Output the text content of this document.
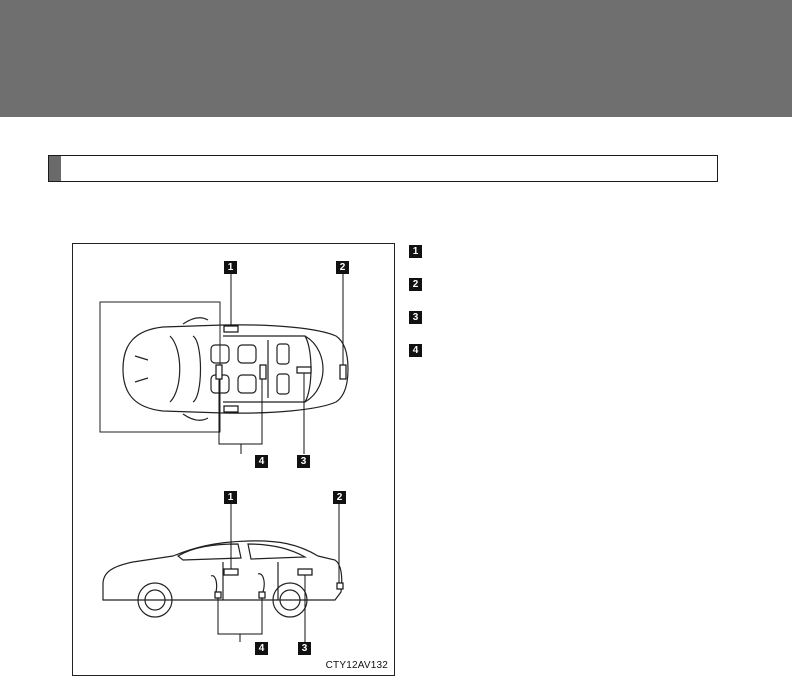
1	2
4	3
1	2
4	3
CTY12AV132
1
2
3
4
